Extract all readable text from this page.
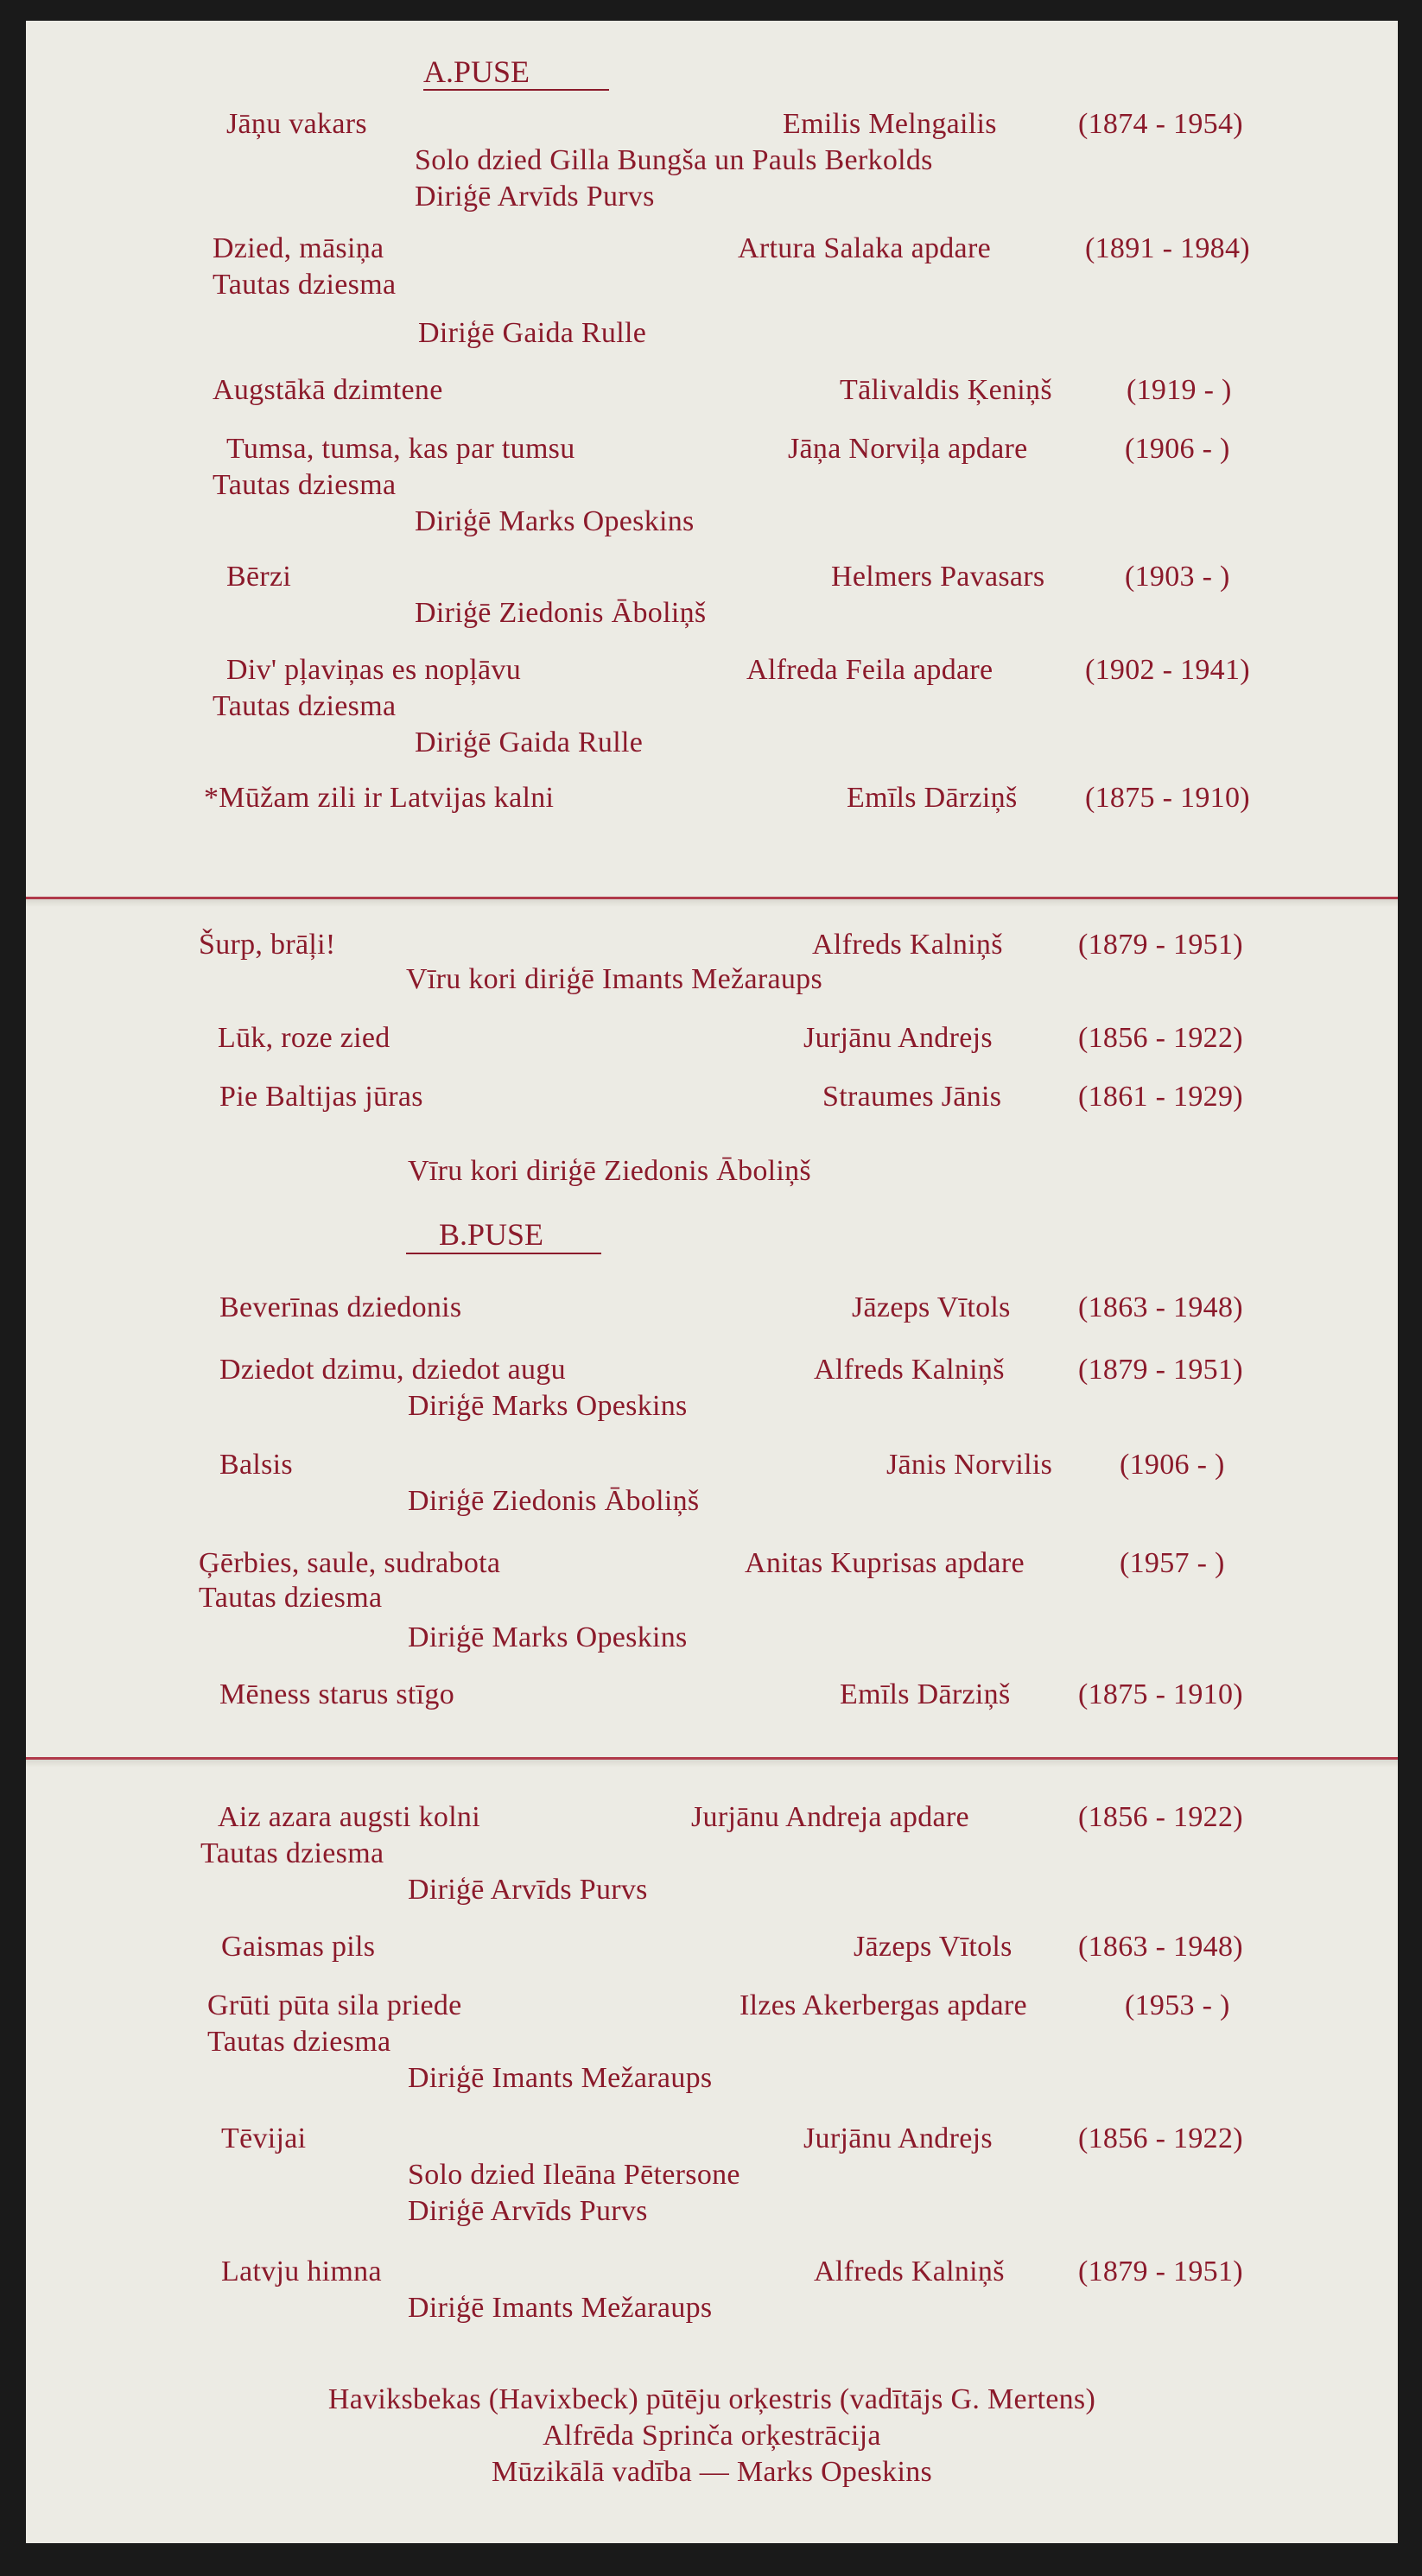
A.PUSE
Jāņu vakars	Emilis Melngailis	(1874 - 1954)
Solo dzied Gilla Bungša un Pauls Berkolds
Diriģē Arvīds Purvs
Dzied, māsiņa	Artura Salaka apdare	(1891 - 1984)
Tautas dziesma
Diriģē Gaida Rulle
Augstākā dzimtene	Tālivaldis Ķeniņš	(1919 - )
Tumsa, tumsa, kas par tumsu	Jāņa Norviļa apdare	(1906 - )
Tautas dziesma
Diriģē Marks Opeskins
Bērzi	Helmers Pavasars	(1903 - )
Diriģē Ziedonis Āboliņš
Div' pļaviņas es nopļāvu	Alfreda Feila apdare	(1902 - 1941)
Tautas dziesma
Diriģē Gaida Rulle
*Mūžam zili ir Latvijas kalni	Emīls Dārziņš (1875 - 1910)
Šurp, brāļi!	Alfreds Kalniņš	(1879 - 1951)
Vīru kori diriģē Imants Mežaraups
Lūk, roze zied	Jurjānu Andrejs	(1856 - 1922)
Pie Baltijas jūras	Straumes Jānis	(1861 - 1929)
Vīru kori diriģē Ziedonis Āboliņš
B.PUSE
Beverīnas dziedonis	Jāzeps Vītols (1863 - 1948)
Dziedot dzimu, dziedot augu	Alfreds Kalniņš	(1879 - 1951)
Diriģē Marks Opeskins
Balsis	Jānis Norvilis (1906 - )
Diriģē Ziedonis Āboliņš
Ģērbies, saule, sudrabota	Anitas Kuprisas apdare	(1957 - )
Tautas dziesma
Diriģē Marks Opeskins
Mēness starus stīgo	Emīls Dārziņš (1875 - 1910)
Aiz azara augsti kolni	Jurjānu Andreja apdare	(1856 - 1922)
Tautas dziesma
Diriģē Arvīds Purvs
Gaismas pils	Jāzeps Vītols (1863 - 1948)
Grūti pūta sila priede	Ilzes Akerbergas apdare	(1953 - )
Tautas dziesma
Diriģē Imants Mežaraups
Tēvijai	Jurjānu Andrejs	(1856 - 1922)
Solo dzied Ileāna Pētersone
Diriģē Arvīds Purvs
Latvju himna	Alfreds Kalniņš	(1879 - 1951)
Diriģē Imants Mežaraups
Haviksbekas (Havixbeck) pūtēju orķestris (vadītājs G. Mertens)
Alfrēda Sprinča orķestrācija
Mūzikālā vadība — Marks Opeskins
